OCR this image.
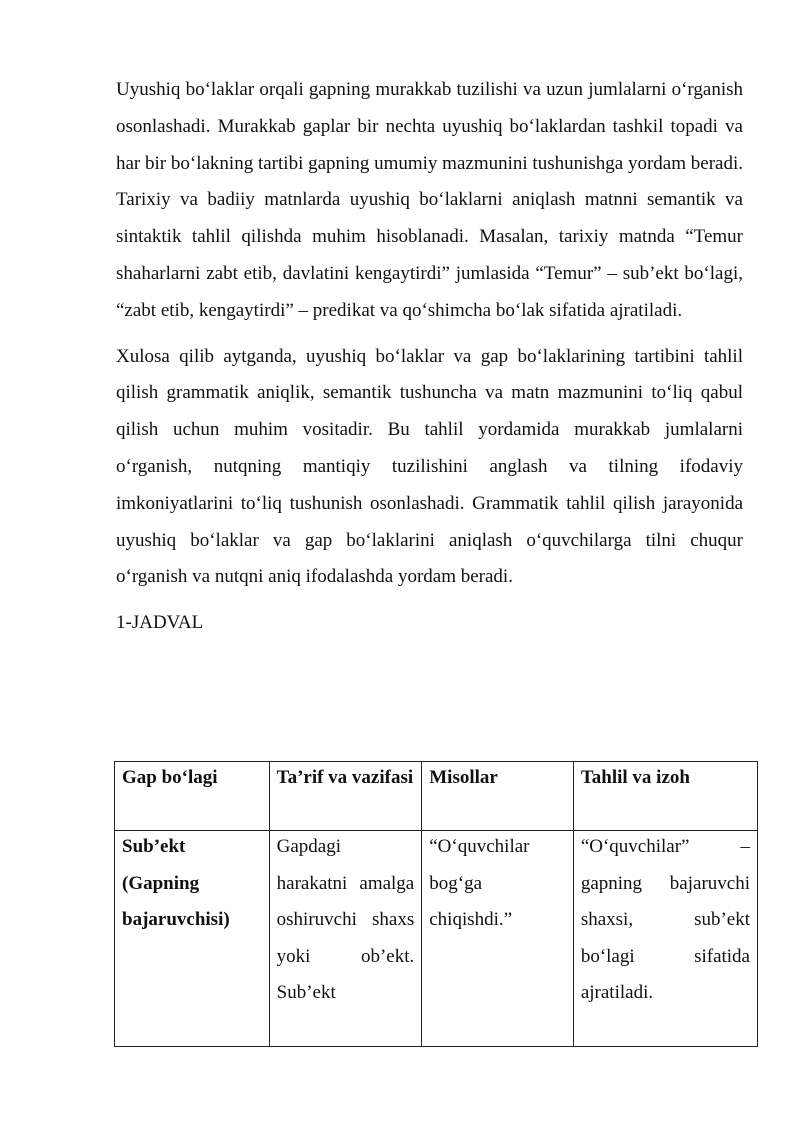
Uyushiq bo‘laklar orqali gapning murakkab tuzilishi va uzun jumlalarni o‘rganish osonlashadi. Murakkab gaplar bir nechta uyushiq bo‘laklardan tashkil topadi va har bir bo‘lakning tartibi gapning umumiy mazmunini tushunishga yordam beradi. Tarixiy va badiiy matnlarda uyushiq bo‘laklarni aniqlash matnni semantik va sintaktik tahlil qilishda muhim hisoblanadi. Masalan, tarixiy matnda “Temur shaharlarni zabt etib, davlatini kengaytirdi” jumlasida “Temur” – sub’ekt bo‘lagi, “zabt etib, kengaytirdi” – predikat va qo‘shimcha bo‘lak sifatida ajratiladi.

Xulosa qilib aytganda, uyushiq bo‘laklar va gap bo‘laklarining tartibini tahlil qilish grammatik aniqlik, semantik tushuncha va matn mazmunini to‘liq qabul qilish uchun muhim vositadir. Bu tahlil yordamida murakkab jumlalarni o‘rganish, nutqning mantiqiy tuzilishini anglash va tilning ifodaviy imkoniyatlarini to‘liq tushunish osonlashadi. Grammatik tahlil qilish jarayonida uyushiq bo‘laklar va gap bo‘laklarini aniqlash o‘quvchilarga tilni chuqur o‘rganish va nutqni aniq ifodalashda yordam beradi.

1-JADVAL

Gap bo‘lagi	Ta’rif va vazifasi	Misollar	Tahlil va izoh

Sub’ekt (Gapning bajaruvchisi)	Gapdagi harakatni amalga oshiruvchi shaxs yoki ob’ekt. Sub’ekt	“O‘quvchilar bog‘ga chiqishdi.”	“O‘quvchilar” – gapning bajaruvchi shaxsi, sub’ekt bo‘lagi sifatida ajratiladi.
